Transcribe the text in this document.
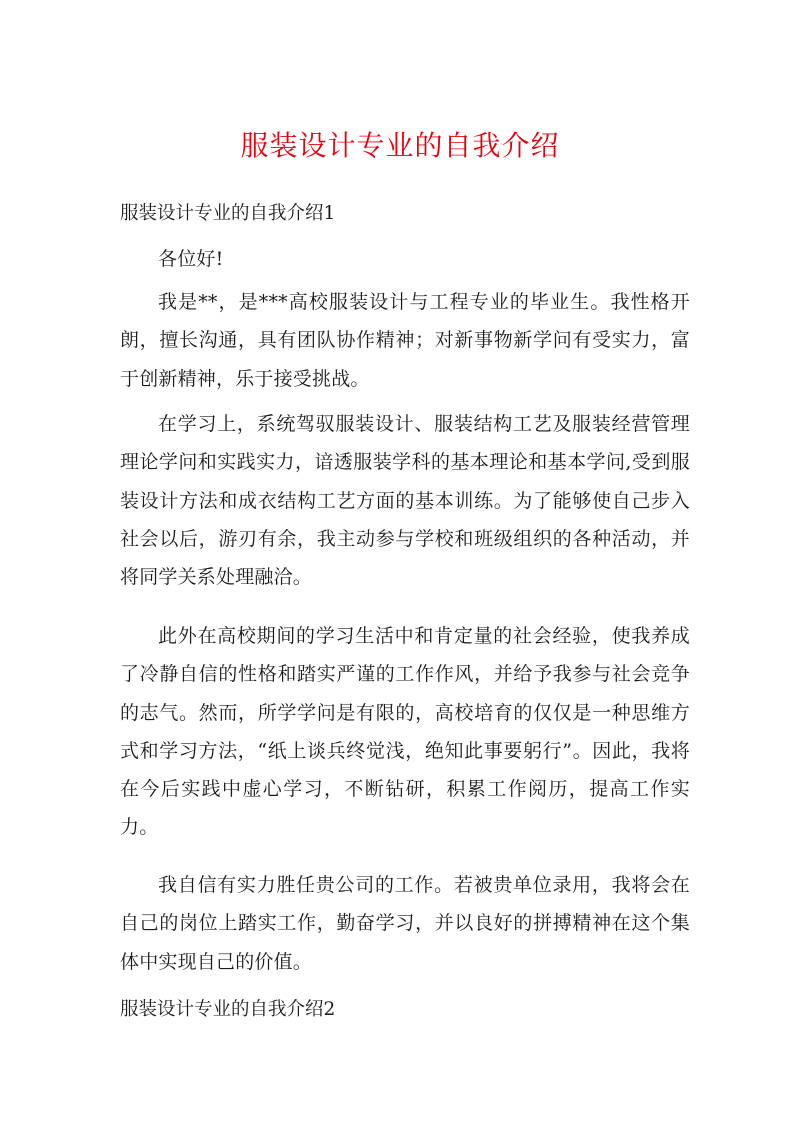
服装设计专业的自我介绍

服装设计专业的自我介绍1

各位好!

我是**，是***高校服装设计与工程专业的毕业生。我性格开朗，擅长沟通，具有团队协作精神；对新事物新学问有受实力，富于创新精神，乐于接受挑战。

在学习上，系统驾驭服装设计、服装结构工艺及服装经营管理理论学问和实践实力，谙透服装学科的基本理论和基本学问,受到服装设计方法和成衣结构工艺方面的基本训练。为了能够使自己步入社会以后，游刃有余，我主动参与学校和班级组织的各种活动，并将同学关系处理融洽。

此外在高校期间的学习生活中和肯定量的社会经验，使我养成了冷静自信的性格和踏实严谨的工作作风，并给予我参与社会竞争的志气。然而，所学学问是有限的，高校培育的仅仅是一种思维方式和学习方法，“纸上谈兵终觉浅，绝知此事要躬行”。因此，我将在今后实践中虚心学习，不断钻研，积累工作阅历，提高工作实力。

我自信有实力胜任贵公司的工作。若被贵单位录用，我将会在自己的岗位上踏实工作，勤奋学习，并以良好的拼搏精神在这个集体中实现自己的价值。

服装设计专业的自我介绍2
